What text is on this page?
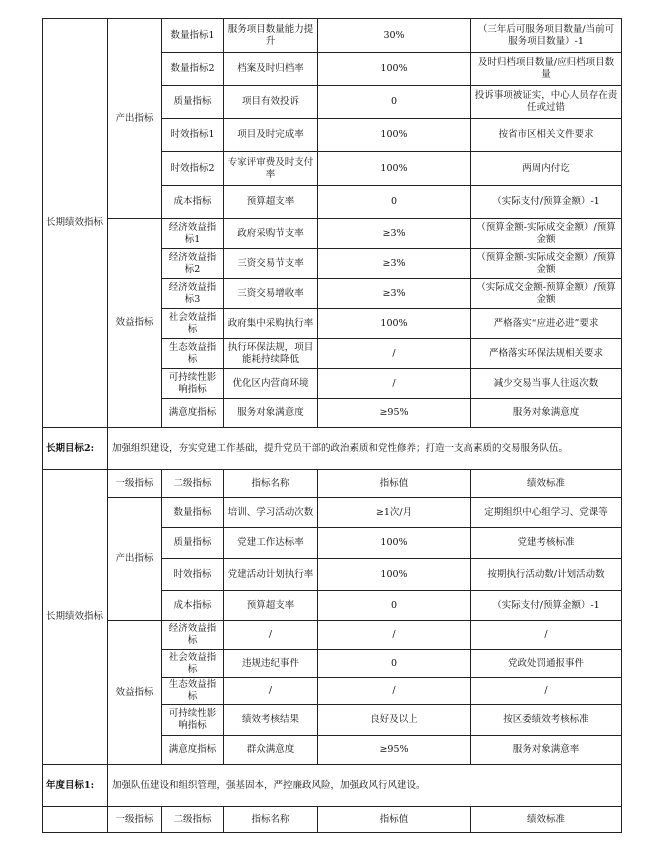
长期绩效指标	产出指标	数量指标1	服务项目数量能力提升	30%	（三年后可服务项目数量/当前可服务项目数量）-1
		数量指标2	档案及时归档率	100%	及时归档项目数量/应归档项目数量
		质量指标	项目有效投诉	0	投诉事项被证实，中心人员存在责任或过错
		时效指标1	项目及时完成率	100%	按省市区相关文件要求
		时效指标2	专家评审费及时支付率	100%	两周内付讫
		成本指标	预算超支率	0	（实际支付/预算金额）-1
	效益指标	经济效益指标1	政府采购节支率	≥3%	（预算金额-实际成交金额）/预算金额
		经济效益指标2	三资交易节支率	≥3%	（预算金额-实际成交金额）/预算金额
		经济效益指标3	三资交易增收率	≥3%	（实际成交金额-预算金额）/预算金额
		社会效益指标	政府集中采购执行率	100%	严格落实“应进必进”要求
		生态效益指标	执行环保法规，项目能耗持续降低	/	严格落实环保法规相关要求
		可持续性影响指标	优化区内营商环境	/	减少交易当事人往返次数
		满意度指标	服务对象满意度	≥95%	服务对象满意度
长期目标2:	加强组织建设，夯实党建工作基础，提升党员干部的政治素质和党性修养；打造一支高素质的交易服务队伍。				
长期绩效指标	一级指标	二级指标	指标名称	指标值	绩效标准
	产出指标	数量指标	培训、学习活动次数	≥1次/月	定期组织中心组学习、党课等
		质量指标	党建工作达标率	100%	党建考核标准
		时效指标	党建活动计划执行率	100%	按期执行活动数/计划活动数
		成本指标	预算超支率	0	（实际支付/预算金额）-1
	效益指标	经济效益指标	/	/	/
		社会效益指标	违规违纪事件	0	党政处罚通报事件
		生态效益指标	/	/	/
		可持续性影响指标	绩效考核结果	良好及以上	按区委绩效考核标准
		满意度指标	群众满意度	≥95%	服务对象满意率
年度目标1:	加强队伍建设和组织管理，强基固本，严控廉政风险，加强政风行风建设。				
	一级指标	二级指标	指标名称	指标值	绩效标准
